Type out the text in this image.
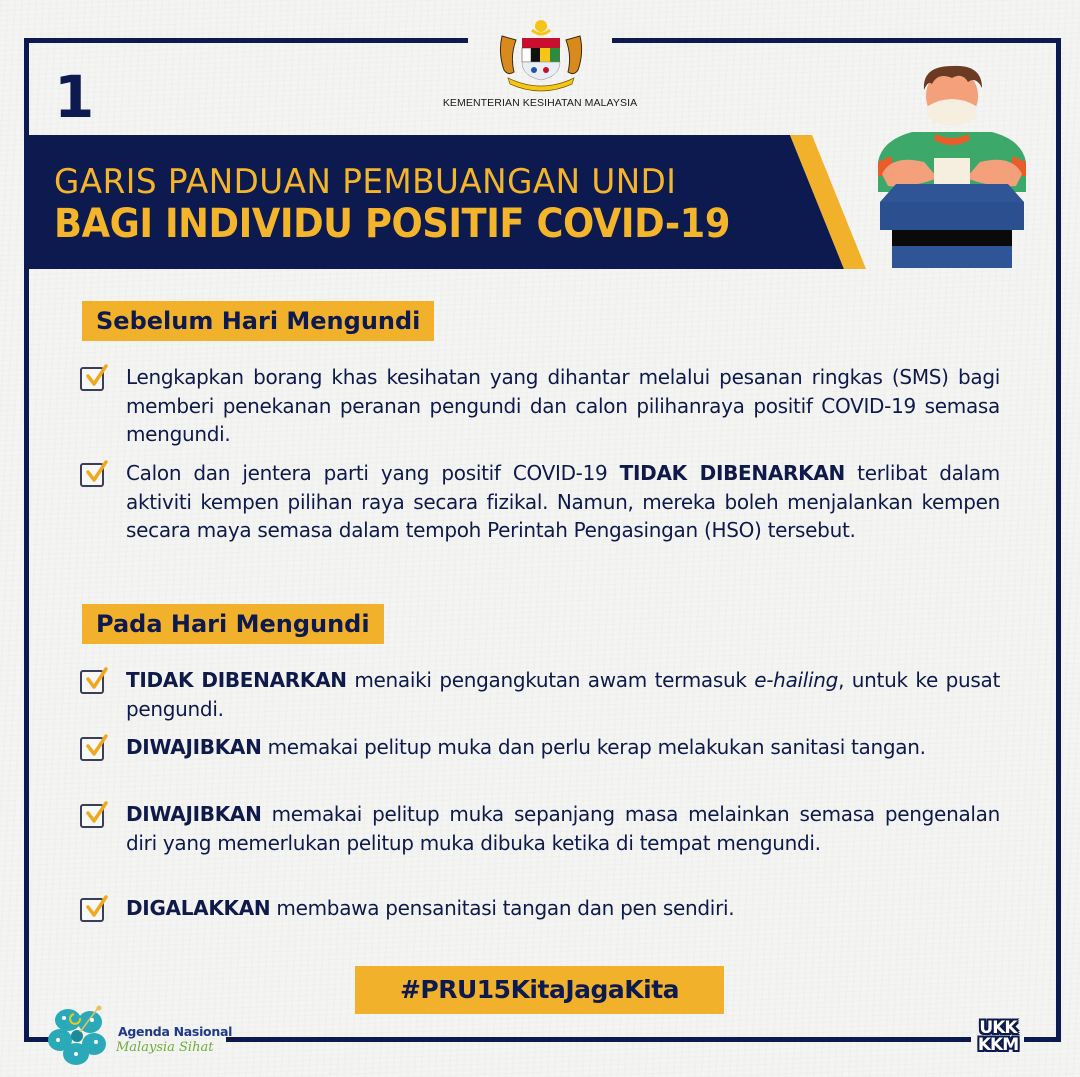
1	KEMENTERIAN KESIHATAN MALAYSIA
GARIS PANDUAN PEMBUANGAN UNDI
BAGI INDIVIDU POSITIF COVID-19
Sebelum Hari Mengundi
Lengkapkan borang khas kesihatan yang dihantar melalui pesanan ringkas (SMS) bagi memberi penekanan peranan pengundi dan calon pilihanraya positif COVID-19 semasa mengundi.
Calon dan jentera parti yang positif COVID-19 TIDAK DIBENARKAN terlibat dalam aktiviti kempen pilihan raya secara fizikal. Namun, mereka boleh menjalankan kempen secara maya semasa dalam tempoh Perintah Pengasingan (HSO) tersebut.
Pada Hari Mengundi
TIDAK DIBENARKAN menaiki pengangkutan awam termasuk e-hailing, untuk ke pusat pengundi.
DIWAJIBKAN memakai pelitup muka dan perlu kerap melakukan sanitasi tangan.
DIWAJIBKAN memakai pelitup muka sepanjang masa melainkan semasa pengenalan diri yang memerlukan pelitup muka dibuka ketika di tempat mengundi.
DIGALAKKAN membawa pensanitasi tangan dan pen sendiri.
#PRU15KitaJagaKita
Agenda Nasional
Malaysia Sihat
UKK
KKM
